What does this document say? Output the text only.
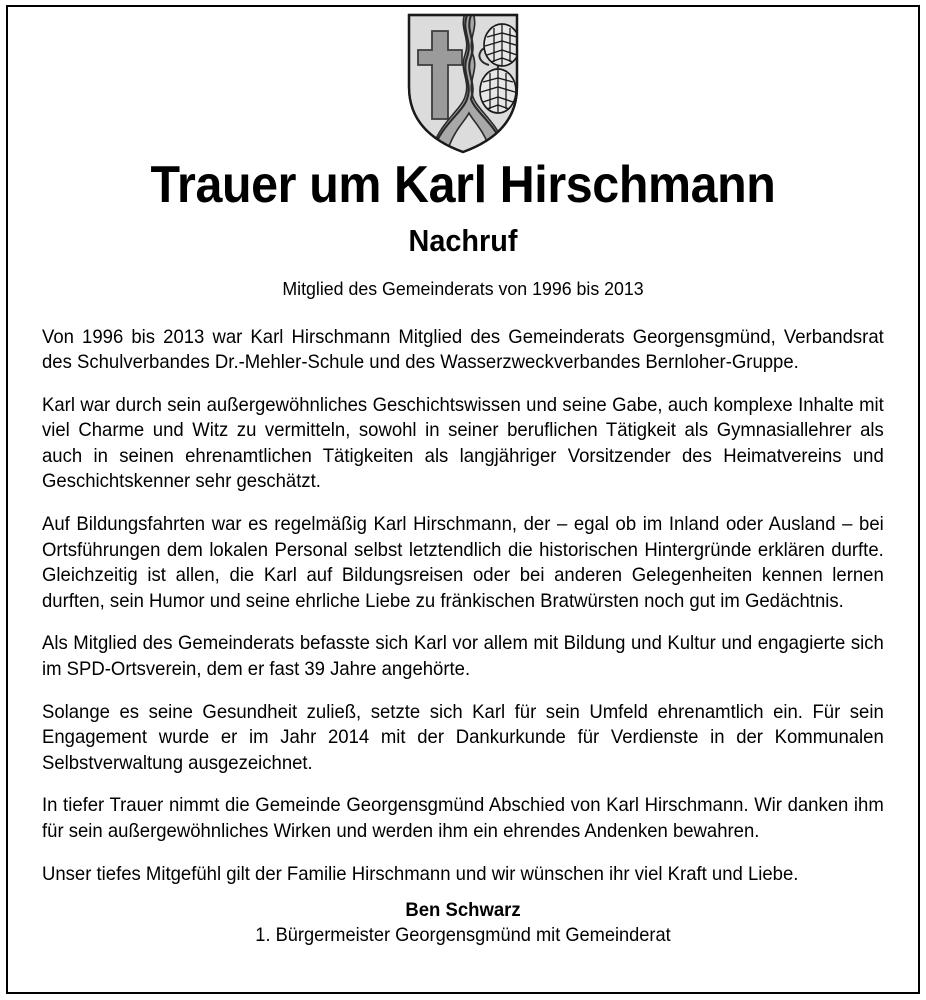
Trauer um Karl Hirschmann
Nachruf

Mitglied des Gemeinderats von 1996 bis 2013

Von 1996 bis 2013 war Karl Hirschmann Mitglied des Gemeinderats Georgensgmünd, Verbandsrat des Schulverbandes Dr.-Mehler-Schule und des Wasserzweckverbandes Bernloher-Gruppe.

Karl war durch sein außergewöhnliches Geschichtswissen und seine Gabe, auch komplexe Inhalte mit viel Charme und Witz zu vermitteln, sowohl in seiner beruflichen Tätigkeit als Gymnasiallehrer als auch in seinen ehrenamtlichen Tätigkeiten als langjähriger Vorsitzender des Heimatvereins und Geschichtskenner sehr geschätzt.

Auf Bildungsfahrten war es regelmäßig Karl Hirschmann, der – egal ob im Inland oder Ausland – bei Ortsführungen dem lokalen Personal selbst letztendlich die historischen Hintergründe erklären durfte. Gleichzeitig ist allen, die Karl auf Bildungsreisen oder bei anderen Gelegenheiten kennen lernen durften, sein Humor und seine ehrliche Liebe zu fränkischen Bratwürsten noch gut im Gedächtnis.

Als Mitglied des Gemeinderats befasste sich Karl vor allem mit Bildung und Kultur und engagierte sich im SPD-Ortsverein, dem er fast 39 Jahre angehörte.

Solange es seine Gesundheit zuließ, setzte sich Karl für sein Umfeld ehrenamtlich ein. Für sein Engagement wurde er im Jahr 2014 mit der Dankurkunde für Verdienste in der Kommunalen Selbstverwaltung ausgezeichnet.

In tiefer Trauer nimmt die Gemeinde Georgensgmünd Abschied von Karl Hirschmann. Wir danken ihm für sein außergewöhnliches Wirken und werden ihm ein ehrendes Andenken bewahren.

Unser tiefes Mitgefühl gilt der Familie Hirschmann und wir wünschen ihr viel Kraft und Liebe.

Ben Schwarz

1. Bürgermeister Georgensgmünd mit Gemeinderat
